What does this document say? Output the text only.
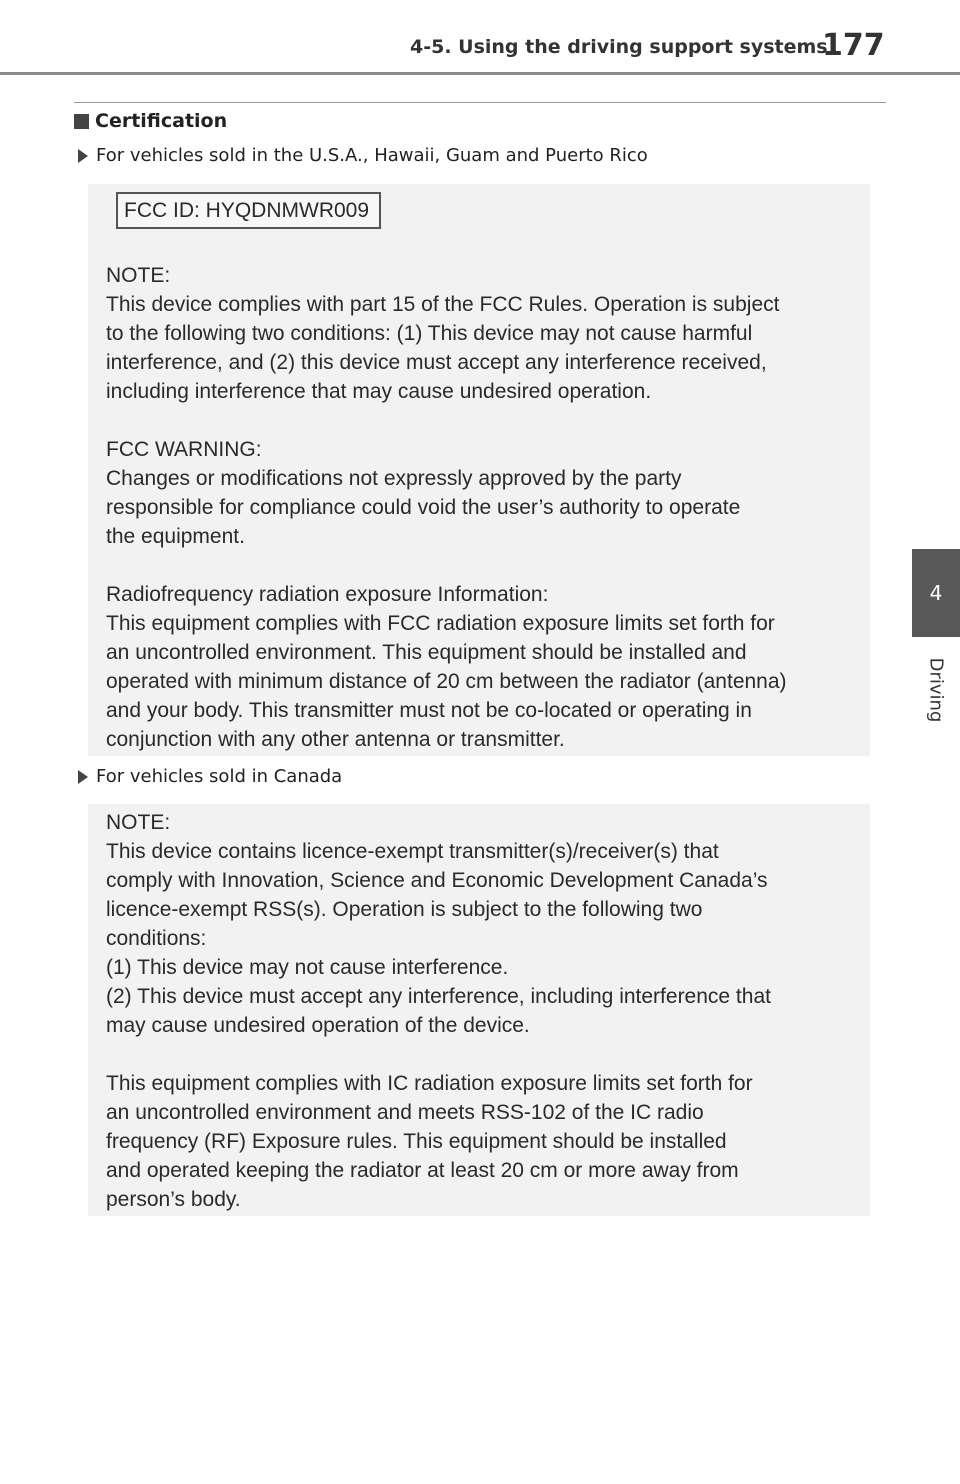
4-5. Using the driving support systems
177
4
Driving
Certification
For vehicles sold in the U.S.A., Hawaii, Guam and Puerto Rico
FCC ID: HYQDNMWR009
NOTE:
This device complies with part 15 of the FCC Rules. Operation is subject
to the following two conditions: (1) This device may not cause harmful
interference, and (2) this device must accept any interference received,
including interference that may cause undesired operation.

FCC WARNING:
Changes or modifications not expressly approved by the party
responsible for compliance could void the user’s authority to operate
the equipment.

Radiofrequency radiation exposure Information:
This equipment complies with FCC radiation exposure limits set forth for
an uncontrolled environment. This equipment should be installed and
operated with minimum distance of 20 cm between the radiator (antenna)
and your body. This transmitter must not be co-located or operating in
conjunction with any other antenna or transmitter.
For vehicles sold in Canada
NOTE:
This device contains licence-exempt transmitter(s)/receiver(s) that
comply with Innovation, Science and Economic Development Canada’s
licence-exempt RSS(s). Operation is subject to the following two
conditions:
(1) This device may not cause interference.
(2) This device must accept any interference, including interference that
may cause undesired operation of the device.

This equipment complies with IC radiation exposure limits set forth for
an uncontrolled environment and meets RSS-102 of the IC radio
frequency (RF) Exposure rules. This equipment should be installed
and operated keeping the radiator at least 20 cm or more away from
person’s body.
